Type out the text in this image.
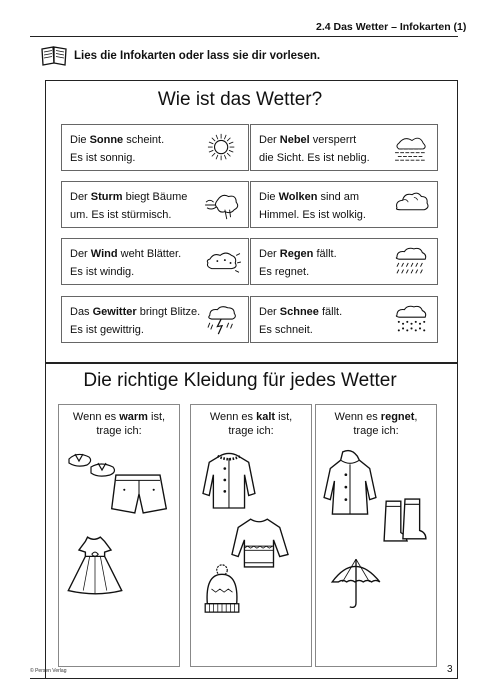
2.4 Das Wetter – Infokarten (1)
Lies die Infokarten oder lass sie dir vorlesen.
Wie ist das Wetter?
Die Sonne scheint.
Es ist sonnig.
Der Nebel versperrt
die Sicht. Es ist neblig.
Der Sturm biegt Bäume
um. Es ist stürmisch.
Die Wolken sind am
Himmel. Es ist wolkig.
Der Wind weht Blätter.
Es ist windig.
Der Regen fällt.
Es regnet.
Das Gewitter bringt Blitze.
Es ist gewittrig.
Der Schnee fällt.
Es schneit.
Die richtige Kleidung für jedes Wetter
Wenn es warm ist,
trage ich:
Wenn es kalt ist,
trage ich:
Wenn es regnet,
trage ich:
© Persen Verlag	3
